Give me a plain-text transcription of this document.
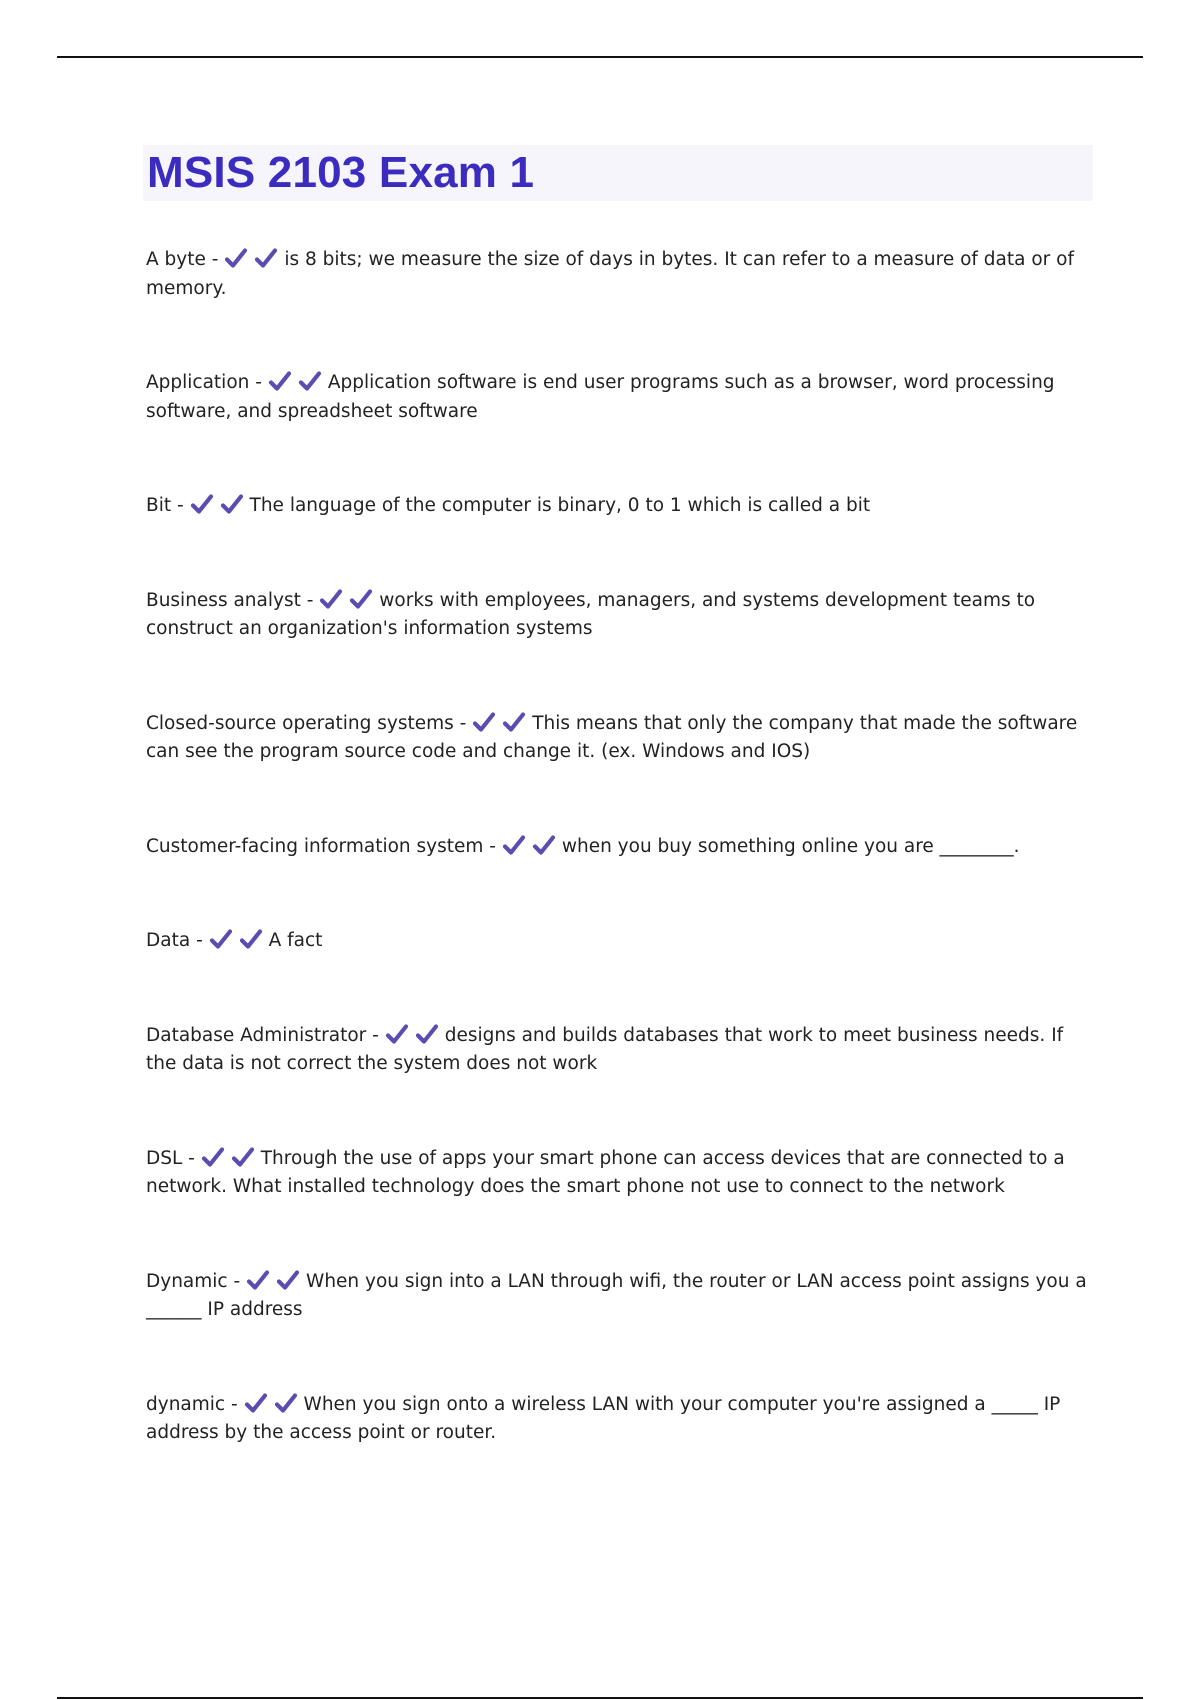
MSIS 2103 Exam 1

A byte -	is 8 bits; we measure the size of days in bytes. It can refer to a measure of data or of memory.

Application -	Application software is end user programs such as a browser, word processing software, and spreadsheet software

Bit -	The language of the computer is binary, 0 to 1 which is called a bit

Business analyst -	works with employees, managers, and systems development teams to construct an organization's information systems

Closed-source operating systems -	This means that only the company that made the software can see the program source code and change it. (ex. Windows and IOS)

Customer-facing information system -	when you buy something online you are ________.

Data -	A fact

Database Administrator -	designs and builds databases that work to meet business needs. If the data is not correct the system does not work

DSL -	Through the use of apps your smart phone can access devices that are connected to a network. What installed technology does the smart phone not use to connect to the network

Dynamic -	When you sign into a LAN through wifi, the router or LAN access point assigns you a ______ IP address

dynamic -	When you sign onto a wireless LAN with your computer you're assigned a _____ IP address by the access point or router.
